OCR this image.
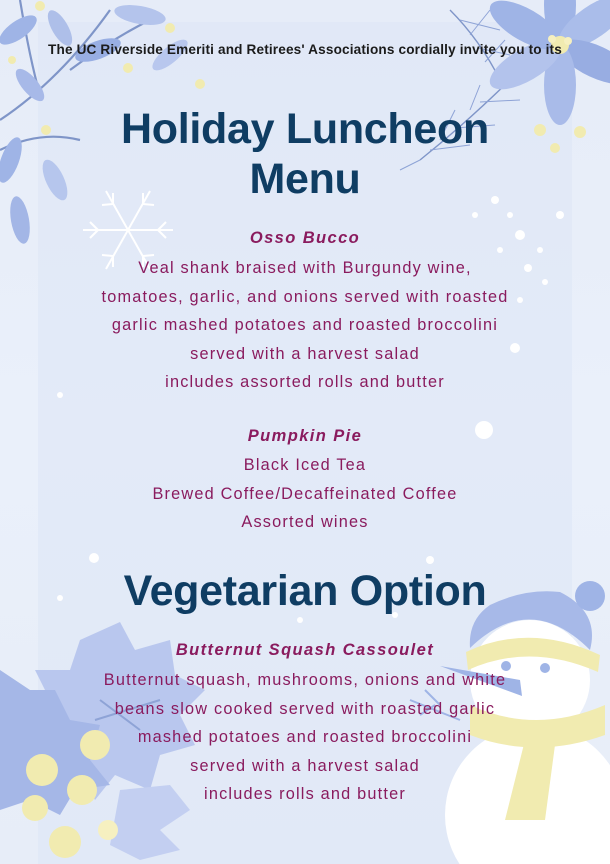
The UC Riverside Emeriti and Retirees' Associations cordially invite you to its
Holiday Luncheon
Menu
Osso Bucco
Veal shank braised with Burgundy wine,
tomatoes, garlic, and onions served with roasted
garlic mashed potatoes and roasted broccolini
served with a harvest salad
includes assorted rolls and butter
Pumpkin Pie
Black Iced Tea
Brewed Coffee/Decaffeinated Coffee
Assorted wines
Vegetarian Option
Butternut Squash Cassoulet
Butternut squash, mushrooms, onions and white
beans slow cooked served with roasted garlic
mashed potatoes and roasted broccolini
served with a harvest salad
includes rolls and butter
